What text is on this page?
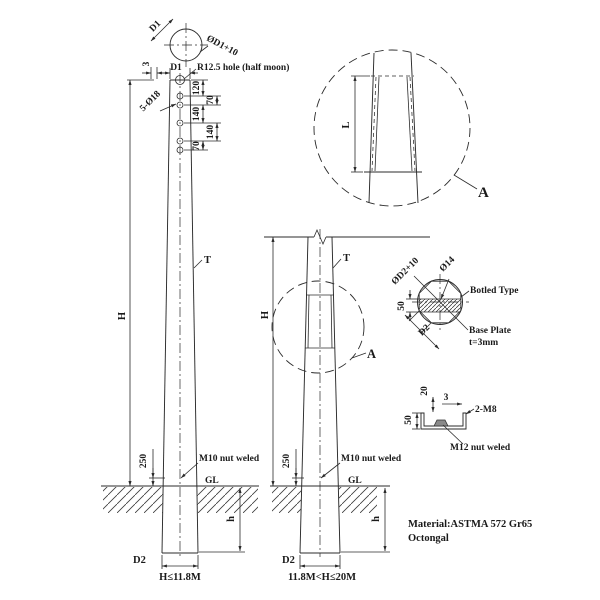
D1
ØD1+10
120
140
70
70
140
3 D1 R12.5 hole (half moon)
5-Ø18
T
H
250	M10 nut weled
GL
h
D2
H≤11.8M
A
T
H
250	M10 nut weled
GL
h
D2
11.8M<H≤20M
L
A
ØD2+10 Ø14
50
D2
Botled Type
Base Plate
t=3mm
20
50
3
2-M8
M12 nut weled
Material:ASTMA 572 Gr65
Octongal
